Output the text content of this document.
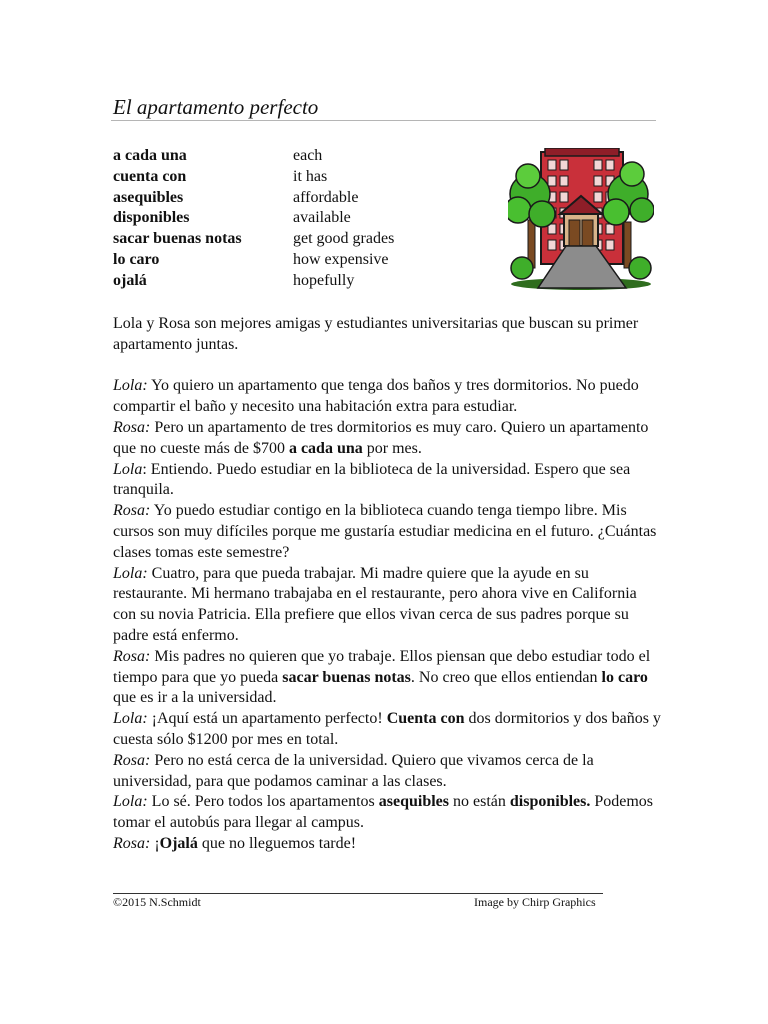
El apartamento perfecto
a cada una	each
cuenta con	it has
asequibles	affordable
disponibles	available
sacar buenas notas	get good grades
lo caro	how expensive
ojalá	hopefully

Lola y Rosa son mejores amigas y estudiantes universitarias que buscan su primer apartamento juntas.

Lola: Yo quiero un apartamento que tenga dos baños y tres dormitorios. No puedo compartir el baño y necesito una habitación extra para estudiar.

Rosa: Pero un apartamento de tres dormitorios es muy caro. Quiero un apartamento que no cueste más de $700 a cada una por mes.

Lola: Entiendo. Puedo estudiar en la biblioteca de la universidad. Espero que sea tranquila.

Rosa: Yo puedo estudiar contigo en la biblioteca cuando tenga tiempo libre. Mis cursos son muy difíciles porque me gustaría estudiar medicina en el futuro. ¿Cuántas clases tomas este semestre?

Lola: Cuatro, para que pueda trabajar. Mi madre quiere que la ayude en su restaurante. Mi hermano trabajaba en el restaurante, pero ahora vive en California con su novia Patricia. Ella prefiere que ellos vivan cerca de sus padres porque su padre está enfermo.

Rosa: Mis padres no quieren que yo trabaje. Ellos piensan que debo estudiar todo el tiempo para que yo pueda sacar buenas notas. No creo que ellos entiendan lo caro que es ir a la universidad.

Lola: ¡Aquí está un apartamento perfecto! Cuenta con dos dormitorios y dos baños y cuesta sólo $1200 por mes en total.

Rosa: Pero no está cerca de la universidad. Quiero que vivamos cerca de la universidad, para que podamos caminar a las clases.

Lola: Lo sé. Pero todos los apartamentos asequibles no están disponibles. Podemos tomar el autobús para llegar al campus.

Rosa: ¡Ojalá que no lleguemos tarde!

©2015 N.Schmidt	Image by Chirp Graphics
